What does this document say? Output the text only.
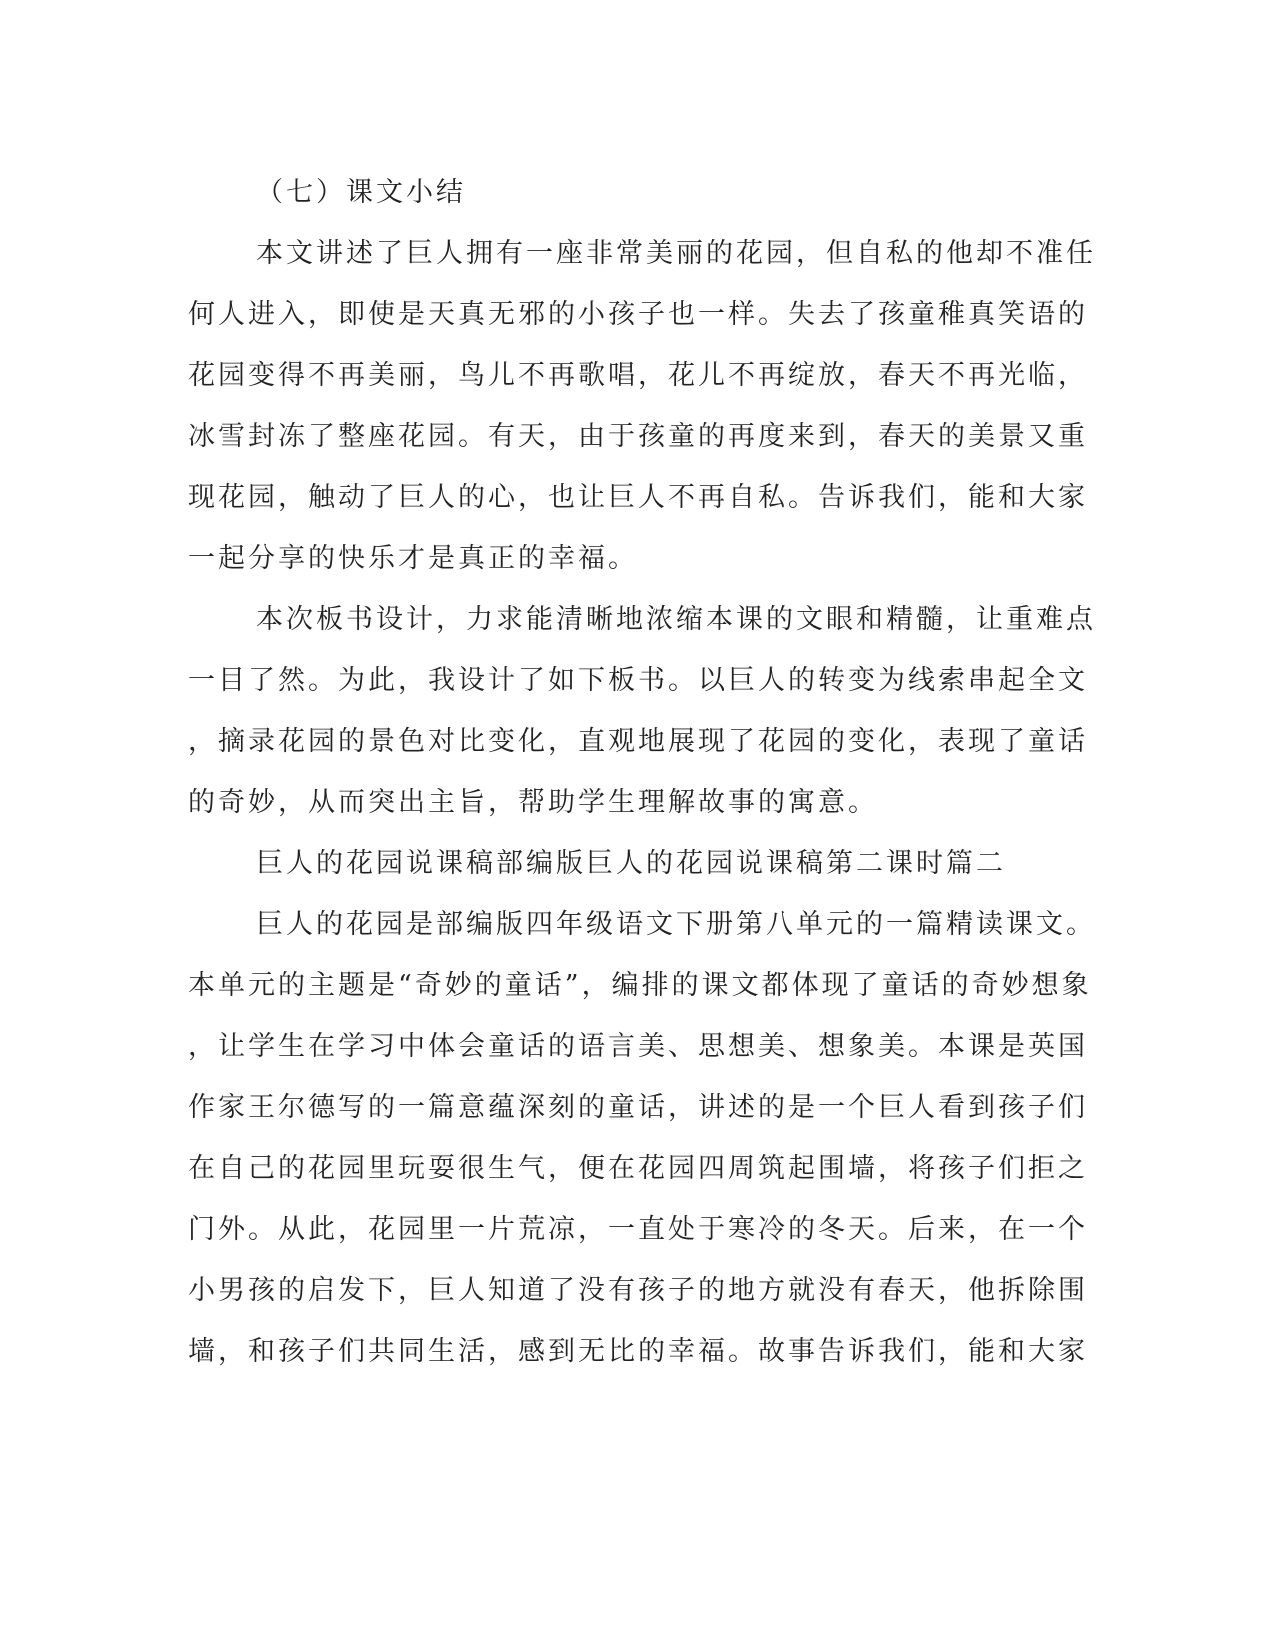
（七）课文小结
本文讲述了巨人拥有一座非常美丽的花园，但自私的他却不准任
何人进入，即使是天真无邪的小孩子也一样。失去了孩童稚真笑语的
花园变得不再美丽，鸟儿不再歌唱，花儿不再绽放，春天不再光临，
冰雪封冻了整座花园。有天，由于孩童的再度来到，春天的美景又重
现花园，触动了巨人的心，也让巨人不再自私。告诉我们，能和大家
一起分享的快乐才是真正的幸福。
本次板书设计，力求能清晰地浓缩本课的文眼和精髓，让重难点
一目了然。为此，我设计了如下板书。以巨人的转变为线索串起全文
，摘录花园的景色对比变化，直观地展现了花园的变化，表现了童话
的奇妙，从而突出主旨，帮助学生理解故事的寓意。
巨人的花园说课稿部编版巨人的花园说课稿第二课时篇二
巨人的花园是部编版四年级语文下册第八单元的一篇精读课文。
本单元的主题是“奇妙的童话”，编排的课文都体现了童话的奇妙想象
，让学生在学习中体会童话的语言美、思想美、想象美。本课是英国
作家王尔德写的一篇意蕴深刻的童话，讲述的是一个巨人看到孩子们
在自己的花园里玩耍很生气，便在花园四周筑起围墙，将孩子们拒之
门外。从此，花园里一片荒凉，一直处于寒冷的冬天。后来，在一个
小男孩的启发下，巨人知道了没有孩子的地方就没有春天，他拆除围
墙，和孩子们共同生活，感到无比的幸福。故事告诉我们，能和大家
